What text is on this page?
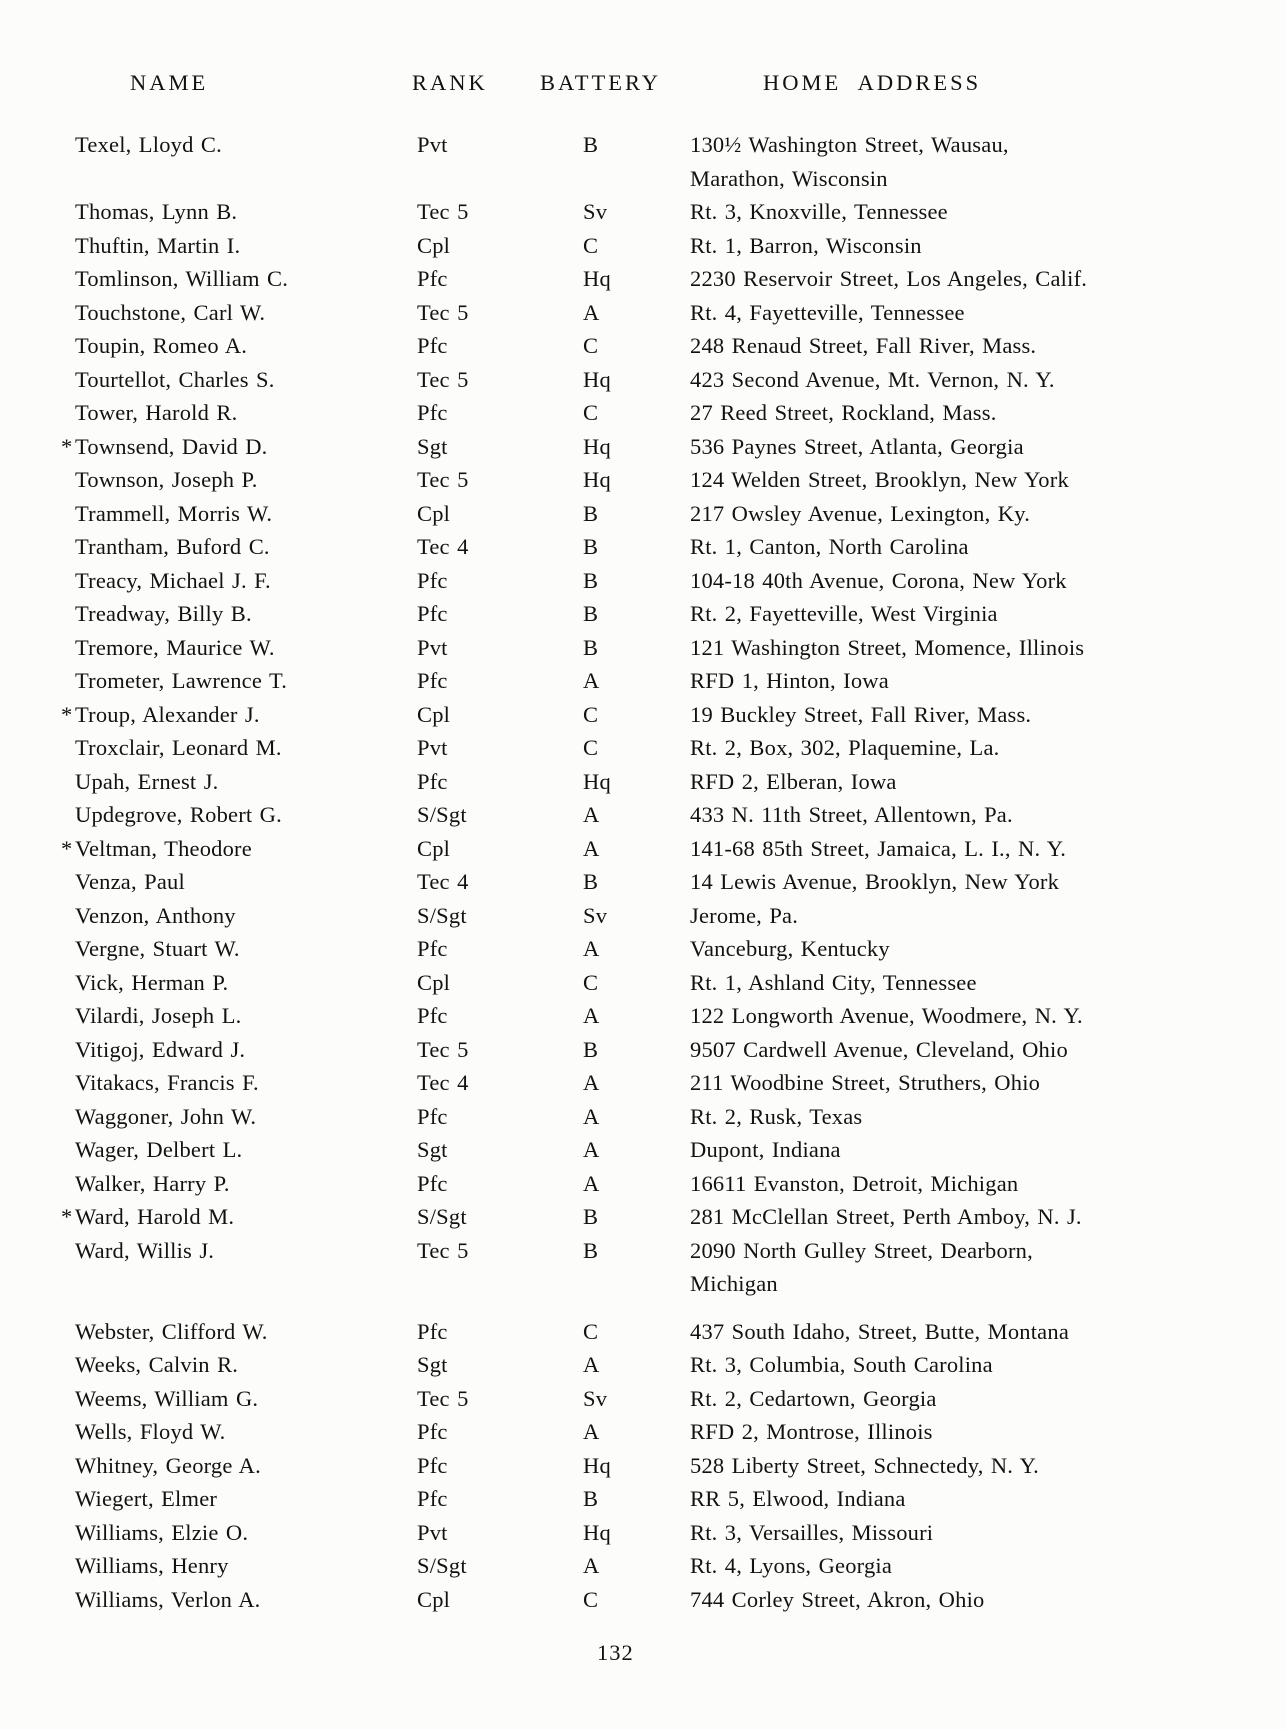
NAME	RANK BATTERY	HOME ADDRESS
Texel, Lloyd C.	Pvt	B	130½ Washington Street, Wausau,
Marathon, Wisconsin
Thomas, Lynn B.	Tec 5	Sv	Rt. 3, Knoxville, Tennessee
Thuftin, Martin I.	Cpl	C	Rt. 1, Barron, Wisconsin
Tomlinson, William C.	Pfc	Hq	2230 Reservoir Street, Los Angeles, Calif.
Touchstone, Carl W.	Tec 5	A	Rt. 4, Fayetteville, Tennessee
Toupin, Romeo A.	Pfc	C	248 Renaud Street, Fall River, Mass.
Tourtellot, Charles S.	Tec 5	Hq	423 Second Avenue, Mt. Vernon, N. Y.
Tower, Harold R.	Pfc	C	27 Reed Street, Rockland, Mass.
* Townsend, David D.	Sgt	Hq	536 Paynes Street, Atlanta, Georgia
Townson, Joseph P.	Tec 5	Hq	124 Welden Street, Brooklyn, New York
Trammell, Morris W.	Cpl	B	217 Owsley Avenue, Lexington, Ky.
Trantham, Buford C.	Tec 4	B	Rt. 1, Canton, North Carolina
Treacy, Michael J. F.	Pfc	B	104-18 40th Avenue, Corona, New York
Treadway, Billy B.	Pfc	B	Rt. 2, Fayetteville, West Virginia
Tremore, Maurice W.	Pvt	B	121 Washington Street, Momence, Illinois
Trometer, Lawrence T.	Pfc	A	RFD 1, Hinton, Iowa
* Troup, Alexander J.	Cpl	C	19 Buckley Street, Fall River, Mass.
Troxclair, Leonard M.	Pvt	C	Rt. 2, Box, 302, Plaquemine, La.
Upah, Ernest J.	Pfc	Hq	RFD 2, Elberan, Iowa
Updegrove, Robert G.	S/Sgt	A	433 N. 11th Street, Allentown, Pa.
* Veltman, Theodore	Cpl	A	141-68 85th Street, Jamaica, L. I., N. Y.
Venza, Paul	Tec 4	B	14 Lewis Avenue, Brooklyn, New York
Venzon, Anthony	S/Sgt	Sv	Jerome, Pa.
Vergne, Stuart W.	Pfc	A	Vanceburg, Kentucky
Vick, Herman P.	Cpl	C	Rt. 1, Ashland City, Tennessee
Vilardi, Joseph L.	Pfc	A	122 Longworth Avenue, Woodmere, N. Y.
Vitigoj, Edward J.	Tec 5	B	9507 Cardwell Avenue, Cleveland, Ohio
Vitakacs, Francis F.	Tec 4	A	211 Woodbine Street, Struthers, Ohio
Waggoner, John W.	Pfc	A	Rt. 2, Rusk, Texas
Wager, Delbert L.	Sgt	A	Dupont, Indiana
Walker, Harry P.	Pfc	A	16611 Evanston, Detroit, Michigan
* Ward, Harold M.	S/Sgt	B	281 McClellan Street, Perth Amboy, N. J.
Ward, Willis J.	Tec 5	B	2090 North Gulley Street, Dearborn,
Michigan
Webster, Clifford W.	Pfc	C	437 South Idaho, Street, Butte, Montana
Weeks, Calvin R.	Sgt	A	Rt. 3, Columbia, South Carolina
Weems, William G.	Tec 5	Sv	Rt. 2, Cedartown, Georgia
Wells, Floyd W.	Pfc	A	RFD 2, Montrose, Illinois
Whitney, George A.	Pfc	Hq	528 Liberty Street, Schnectedy, N. Y.
Wiegert, Elmer	Pfc	B	RR 5, Elwood, Indiana
Williams, Elzie O.	Pvt	Hq	Rt. 3, Versailles, Missouri
Williams, Henry	S/Sgt	A	Rt. 4, Lyons, Georgia
Williams, Verlon A.	Cpl	C	744 Corley Street, Akron, Ohio
132
